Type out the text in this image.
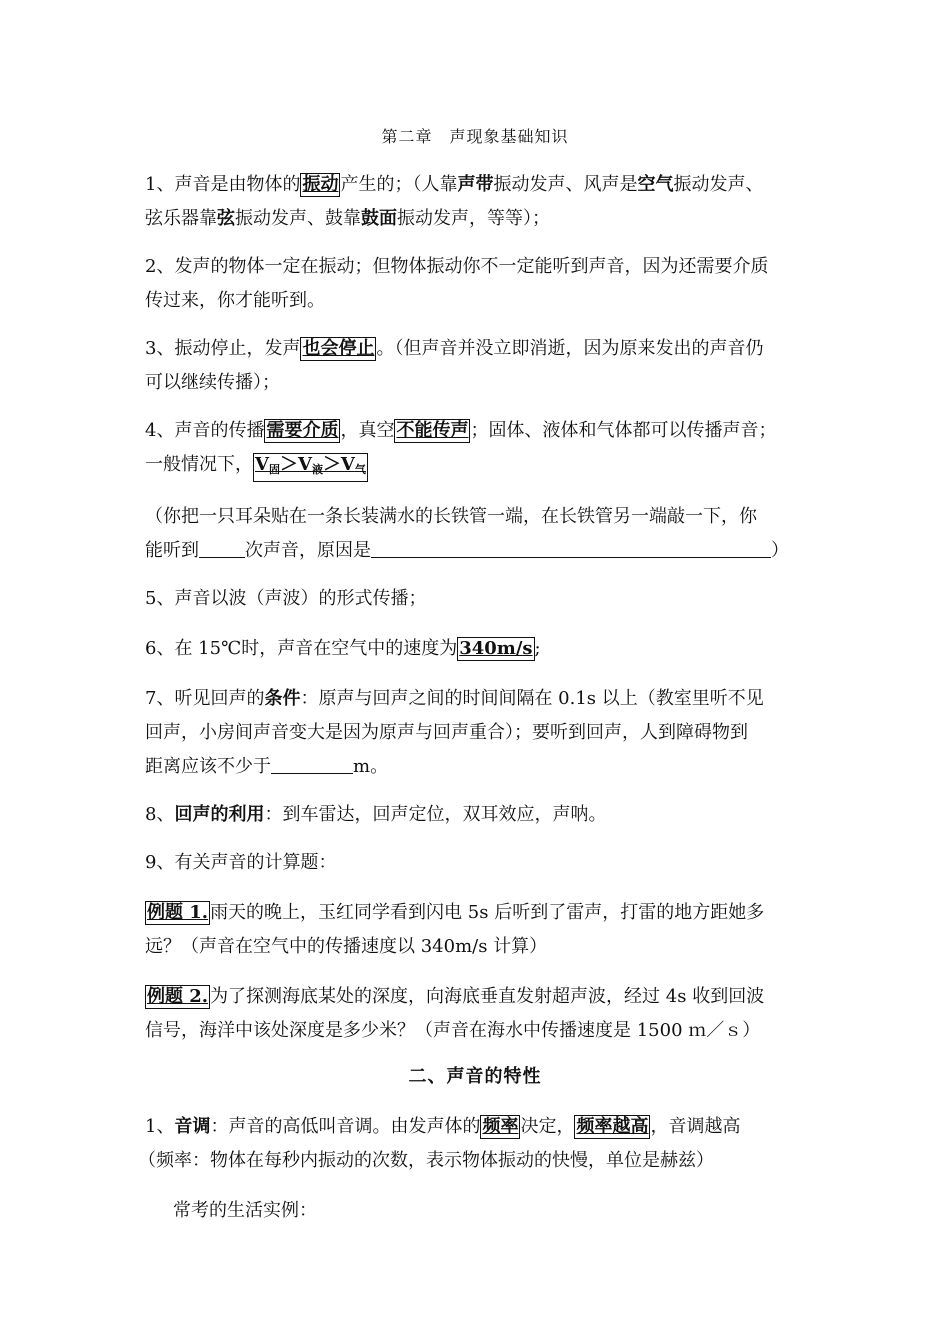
第二章　声现象基础知识

1、声音是由物体的 振动 产生的；（人靠声带振动发声、风声是空气振动发声、

弦乐器靠弦振动发声、鼓靠鼓面振动发声，等等）；

2、发声的物体一定在振动；但物体振动你不一定能听到声音，因为还需要介质

传过来，你才能听到。

3、振动停止，发声 也会停止 。（但声音并没立即消逝，因为原来发出的声音仍

可以继续传播）；

4、声音的传播 需要介质 ，真空 不能传声 ；固体、液体和气体都可以传播声音；

一般情况下， $V_固>V_液>V_气$

（你把一只耳朵贴在一条长装满水的长铁管一端，在长铁管另一端敲一下，你

能听到	次声音，原因是	）

5、声音以波（声波）的形式传播；

6、在 15℃时，声音在空气中的速度为 340m/s ;

7、听见回声的条件：原声与回声之间的时间间隔在 0.1s 以上（教室里听不见

回声，小房间声音变大是因为原声与回声重合）；要听到回声，人到障碍物到

距离应该不少于	m。

8、回声的利用：到车雷达，回声定位，双耳效应，声呐。

9、有关声音的计算题：

例题 1. 雨天的晚上，玉红同学看到闪电 5s 后听到了雷声，打雷的地方距她多

远？（声音在空气中的传播速度以 340m/s 计算）

例题 2. 为了探测海底某处的深度，向海底垂直发射超声波，经过 4s 收到回波

信号，海洋中该处深度是多少米？（声音在海水中传播速度是 1500 ｍ／ｓ）

二、声音的特性

1、音调：声音的高低叫音调。由发声体的 频率 决定， 频率越高 ，音调越高

（频率：物体在每秒内振动的次数，表示物体振动的快慢，单位是赫兹）

常考的生活实例：
